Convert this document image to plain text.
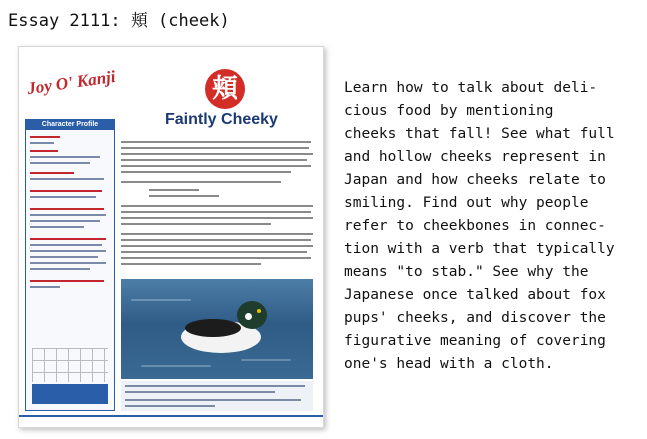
Essay 2111: 頬 (cheek)
Joy O' Kanji	頬
Faintly Cheeky
Character Profile
Learn how to talk about deli-
cious food by mentioning
cheeks that fall! See what full
and hollow cheeks represent in
Japan and how cheeks relate to
smiling. Find out why people
refer to cheekbones in connec-
tion with a verb that typically
means "to stab." See why the
Japanese once talked about fox
pups' cheeks, and discover the
figurative meaning of covering
one's head with a cloth.
